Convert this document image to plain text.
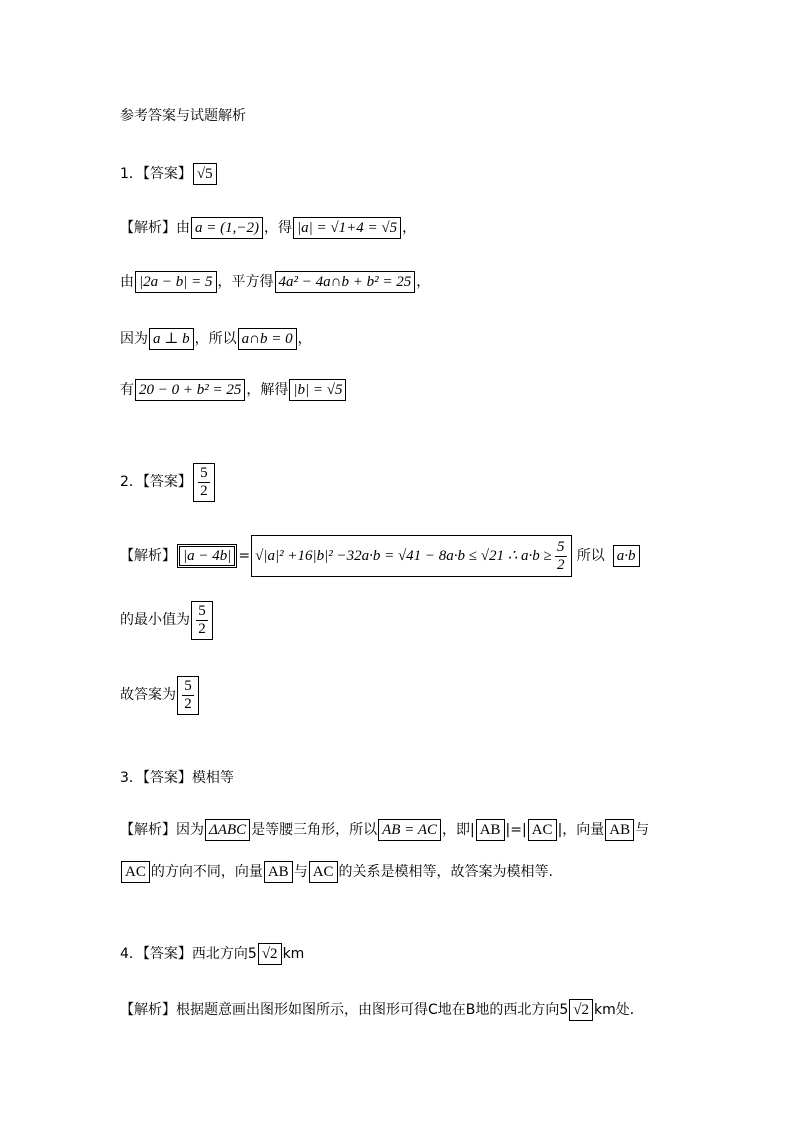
参考答案与试题解析
1．【答案】 √5
【解析】由 a = (1,−2) ，得 |a| = √1+4 = √5 ，
由 |2a − b| = 5 ，平方得 4a² − 4a∩b + b² = 25 ，
因为 a ⊥ b ，所以 a∩b = 0 ，
有 20 − 0 + b² = 25 ，解得 |b| = √5
2．【答案】 $\frac{5}{2}$
【解析】 |a − 4b| = √|a|² +16|b|² −32a·b = √41 − 8a·b ≤ √21 ∴ $a\cdot b \ge \frac{5}{2}$ 所以 a·b
的最小值为 $\frac{5}{2}$
故答案为 $\frac{5}{2}$
3．【答案】模相等
【解析】因为 ΔABC 是等腰三角形，所以 AB = AC ，即| AB |=| AC |，向量 AB 与
AC 的方向不同，向量 AB 与 AC 的关系是模相等，故答案为模相等.
4．【答案】西北方向5 √2 km
【解析】根据题意画出图形如图所示，由图形可得C地在B地的西北方向5 √2 km处．
